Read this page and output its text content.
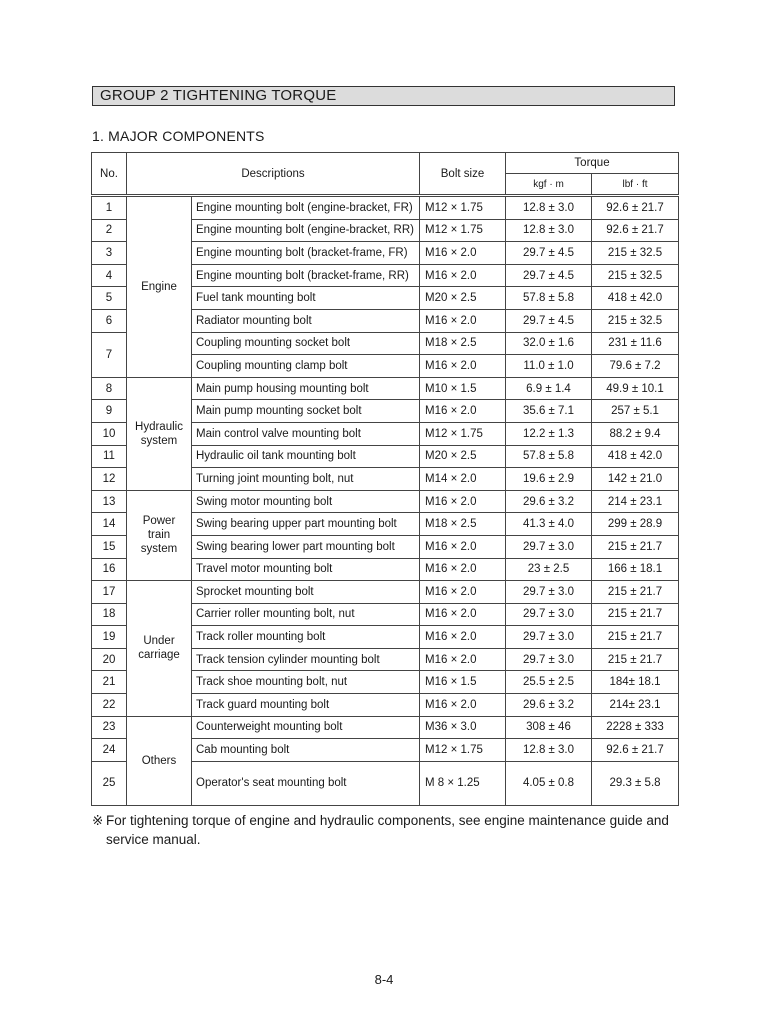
GROUP 2 TIGHTENING TORQUE
1. MAJOR COMPONENTS
No.	Descriptions		Bolt size	Torque	
				kgf · m	lbf · ft
1	Engine	Engine mounting bolt (engine-bracket, FR)	M12 × 1.75	12.8 ± 3.0	92.6 ± 21.7
2		Engine mounting bolt (engine-bracket, RR)	M12 × 1.75	12.8 ± 3.0	92.6 ± 21.7
3		Engine mounting bolt (bracket-frame, FR)	M16 × 2.0	29.7 ± 4.5	215 ± 32.5
4		Engine mounting bolt (bracket-frame, RR)	M16 × 2.0	29.7 ± 4.5	215 ± 32.5
5		Fuel tank mounting bolt	M20 × 2.5	57.8 ± 5.8	418 ± 42.0
6		Radiator mounting bolt	M16 × 2.0	29.7 ± 4.5	215 ± 32.5
7		Coupling mounting socket bolt	M18 × 2.5	32.0 ± 1.6	231 ± 11.6
		Coupling mounting clamp bolt	M16 × 2.0	11.0 ± 1.0	79.6 ± 7.2
8	Hydraulic system	Main pump housing mounting bolt	M10 × 1.5	6.9 ± 1.4	49.9 ± 10.1
9		Main pump mounting socket bolt	M16 × 2.0	35.6 ± 7.1	257 ± 5.1
10		Main control valve mounting bolt	M12 × 1.75	12.2 ± 1.3	88.2 ± 9.4
11		Hydraulic oil tank mounting bolt	M20 × 2.5	57.8 ± 5.8	418 ± 42.0
12		Turning joint mounting bolt, nut	M14 × 2.0	19.6 ± 2.9	142 ± 21.0
13	Power train system	Swing motor mounting bolt	M16 × 2.0	29.6 ± 3.2	214 ± 23.1
14		Swing bearing upper part mounting bolt	M18 × 2.5	41.3 ± 4.0	299 ± 28.9
15		Swing bearing lower part mounting bolt	M16 × 2.0	29.7 ± 3.0	215 ± 21.7
16		Travel motor mounting bolt	M16 × 2.0	23 ± 2.5	166 ± 18.1
17	Under carriage	Sprocket mounting bolt	M16 × 2.0	29.7 ± 3.0	215 ± 21.7
18		Carrier roller mounting bolt, nut	M16 × 2.0	29.7 ± 3.0	215 ± 21.7
19		Track roller mounting bolt	M16 × 2.0	29.7 ± 3.0	215 ± 21.7
20		Track tension cylinder mounting bolt	M16 × 2.0	29.7 ± 3.0	215 ± 21.7
21		Track shoe mounting bolt, nut	M16 × 1.5	25.5 ± 2.5	184± 18.1
22		Track guard mounting bolt	M16 × 2.0	29.6 ± 3.2	214± 23.1
23	Others	Counterweight mounting bolt	M36 × 3.0	308 ± 46	2228 ± 333
24		Cab mounting bolt	M12 × 1.75	12.8 ± 3.0	92.6 ± 21.7
25		Operator's seat mounting bolt	M 8 × 1.25	4.05 ± 0.8	29.3 ± 5.8
※ For tightening torque of engine and hydraulic components, see engine maintenance guide and
service manual.
8-4
